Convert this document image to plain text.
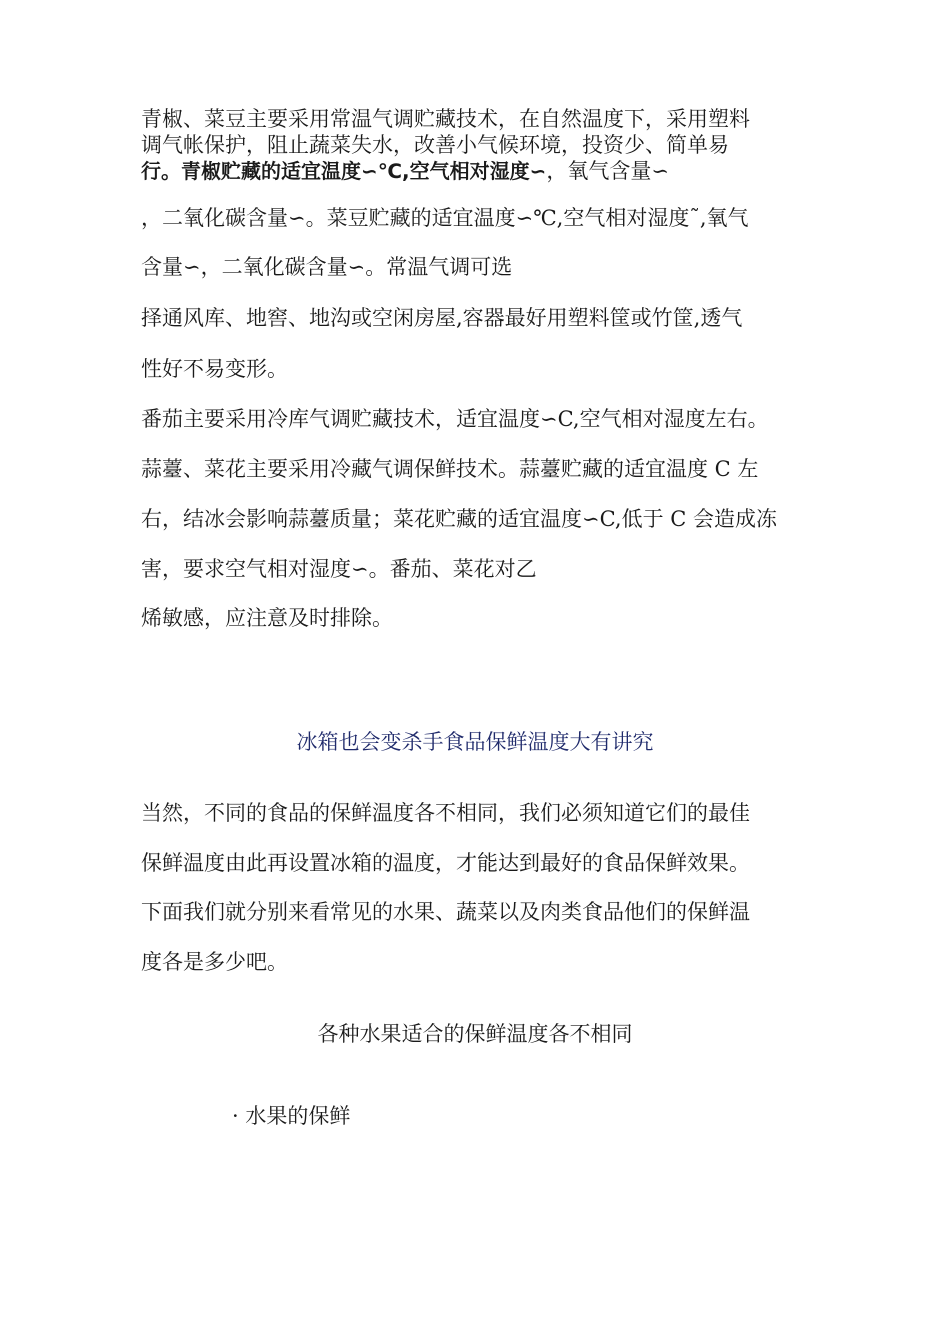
青椒、菜豆主要采用常温气调贮藏技术，在自然温度下，采用塑料
调气帐保护，阻止蔬菜失水，改善小气候环境，投资少、简单易
行。青椒贮藏的适宜温度∽℃,空气相对湿度∽，氧气含量∽
，二氧化碳含量∽。菜豆贮藏的适宜温度∽℃,空气相对湿度˜,氧气
含量∽，二氧化碳含量∽。常温气调可选
择通风库、地窖、地沟或空闲房屋,容器最好用塑料筐或竹筐,透气
性好不易变形。
番茄主要采用冷库气调贮藏技术，适宜温度∽C,空气相对湿度左右。
蒜薹、菜花主要采用冷藏气调保鲜技术。蒜薹贮藏的适宜温度 C 左
右，结冰会影响蒜薹质量；菜花贮藏的适宜温度∽C,低于 C 会造成冻
害，要求空气相对湿度∽。番茄、菜花对乙
烯敏感，应注意及时排除。
冰箱也会变杀手食品保鲜温度大有讲究
当然，不同的食品的保鲜温度各不相同，我们必须知道它们的最佳
保鲜温度由此再设置冰箱的温度，才能达到最好的食品保鲜效果。
下面我们就分别来看常见的水果、蔬菜以及肉类食品他们的保鲜温
度各是多少吧。
各种水果适合的保鲜温度各不相同
· 水果的保鲜
